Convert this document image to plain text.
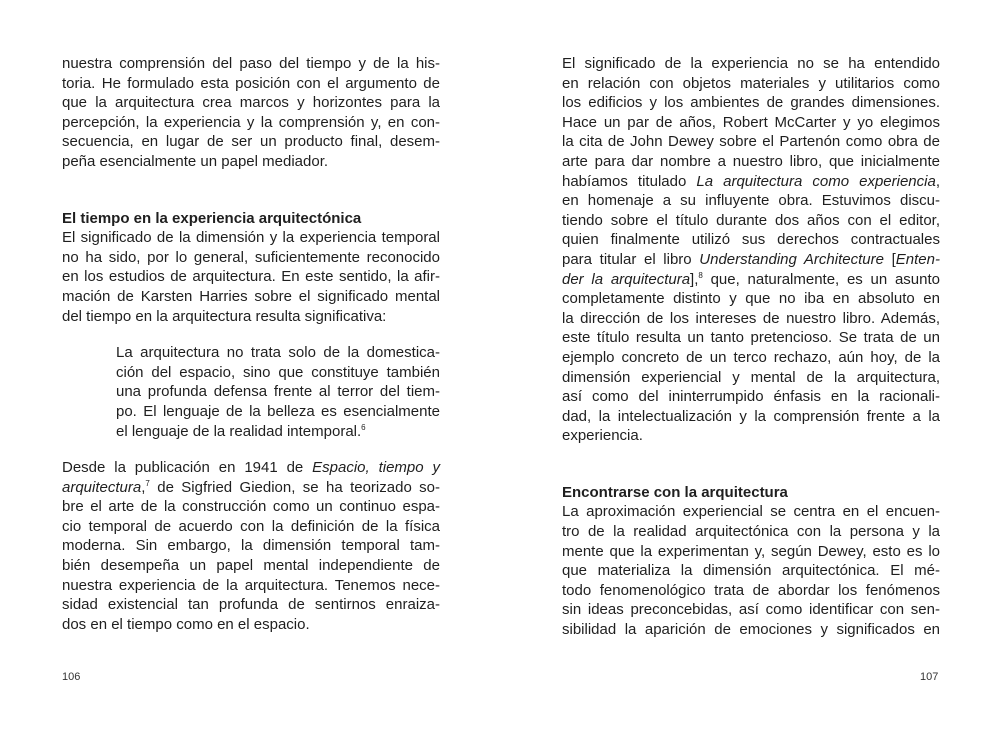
nuestra comprensión del paso del tiempo y de la his-
toria. He formulado esta posición con el argumento de
que la arquitectura crea marcos y horizontes para la
percepción, la experiencia y la comprensión y, en con-
secuencia, en lugar de ser un producto final, desem-
peña esencialmente un papel mediador.
El tiempo en la experiencia arquitectónica
El significado de la dimensión y la experiencia temporal
no ha sido, por lo general, suficientemente reconocido
en los estudios de arquitectura. En este sentido, la afir-
mación de Karsten Harries sobre el significado mental
del tiempo en la arquitectura resulta significativa:
La arquitectura no trata solo de la domestica-
ción del espacio, sino que constituye también
una profunda defensa frente al terror del tiem-
po. El lenguaje de la belleza es esencialmente
el lenguaje de la realidad intemporal.$^6$
Desde la publicación en 1941 de Espacio, tiempo y
arquitectura,$^7$ de Sigfried Giedion, se ha teorizado so-
bre el arte de la construcción como un continuo espa-
cio temporal de acuerdo con la definición de la física
moderna. Sin embargo, la dimensión temporal tam-
bién desempeña un papel mental independiente de
nuestra experiencia de la arquitectura. Tenemos nece-
sidad existencial tan profunda de sentirnos enraiza-
dos en el tiempo como en el espacio.
106
El significado de la experiencia no se ha entendido
en relación con objetos materiales y utilitarios como
los edificios y los ambientes de grandes dimensiones.
Hace un par de años, Robert McCarter y yo elegimos
la cita de John Dewey sobre el Partenón como obra de
arte para dar nombre a nuestro libro, que inicialmente
habíamos titulado La arquitectura como experiencia,
en homenaje a su influyente obra. Estuvimos discu-
tiendo sobre el título durante dos años con el editor,
quien finalmente utilizó sus derechos contractuales
para titular el libro Understanding Architecture [Enten-
der la arquitectura],$^8$ que, naturalmente, es un asunto
completamente distinto y que no iba en absoluto en
la dirección de los intereses de nuestro libro. Además,
este título resulta un tanto pretencioso. Se trata de un
ejemplo concreto de un terco rechazo, aún hoy, de la
dimensión experiencial y mental de la arquitectura,
así como del ininterrumpido énfasis en la racionali-
dad, la intelectualización y la comprensión frente a la
experiencia.
Encontrarse con la arquitectura
La aproximación experiencial se centra en el encuen-
tro de la realidad arquitectónica con la persona y la
mente que la experimentan y, según Dewey, esto es lo
que materializa la dimensión arquitectónica. El mé-
todo fenomenológico trata de abordar los fenómenos
sin ideas preconcebidas, así como identificar con sen-
sibilidad la aparición de emociones y significados en
107
